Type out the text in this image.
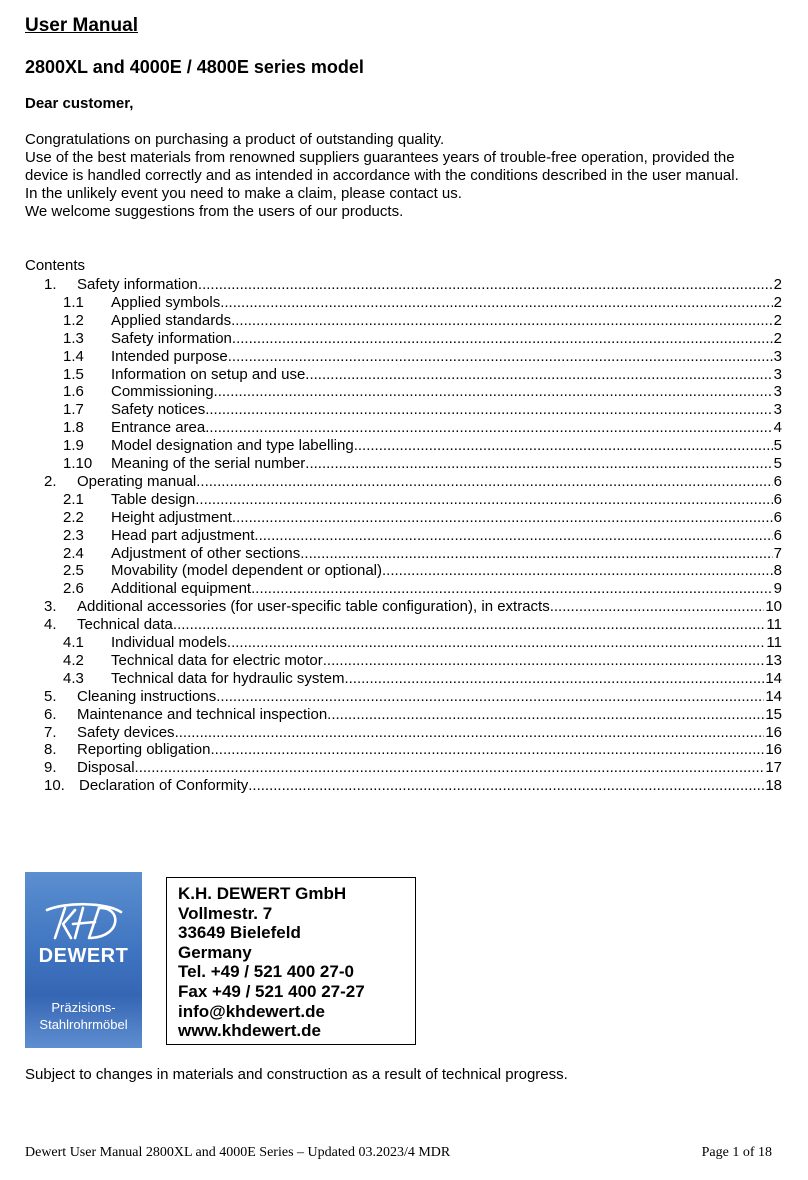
User Manual
2800XL and 4000E / 4800E series model
Dear customer,
Congratulations on purchasing a product of outstanding quality.
Use of the best materials from renowned suppliers guarantees years of trouble-free operation, provided the
device is handled correctly and as intended in accordance with the conditions described in the user manual.
In the unlikely event you need to make a claim, please contact us.
We welcome suggestions from the users of our products.
Contents
1. Safety information .....	2
1.1 Applied symbols .....	2
1.2 Applied standards .....	2
1.3 Safety information .....	2
1.4 Intended purpose .....	3
1.5 Information on setup and use .....	3
1.6 Commissioning .....	3
1.7 Safety notices .....	3
1.8 Entrance area .....	4
1.9 Model designation and type labelling .....	5
1.10 Meaning of the serial number .....	5
2. Operating manual .....	6
2.1 Table design .....	6
2.2 Height adjustment .....	6
2.3 Head part adjustment .....	6
2.4 Adjustment of other sections .....	7
2.5 Movability (model dependent or optional) .....	8
2.6 Additional equipment .....	9
3. Additional accessories (for user-specific table configuration), in extracts .....	10
4. Technical data .....	11
4.1 Individual models .....	11
4.2 Technical data for electric motor .....	13
4.3 Technical data for hydraulic system .....	14
5. Cleaning instructions .....	14
6. Maintenance and technical inspection .....	15
7. Safety devices .....	16
8. Reporting obligation .....	16
9. Disposal .....	17
10. Declaration of Conformity .....	18
DEWERT
Präzisions-
Stahlrohrmöbel
K.H. DEWERT GmbH
Vollmestr. 7
33649 Bielefeld
Germany
Tel. +49 / 521 400 27-0
Fax +49 / 521 400 27-27
info@khdewert.de
www.khdewert.de
Subject to changes in materials and construction as a result of technical progress.
Dewert User Manual 2800XL and 4000E Series – Updated 03.2023/4 MDR	Page 1 of 18
